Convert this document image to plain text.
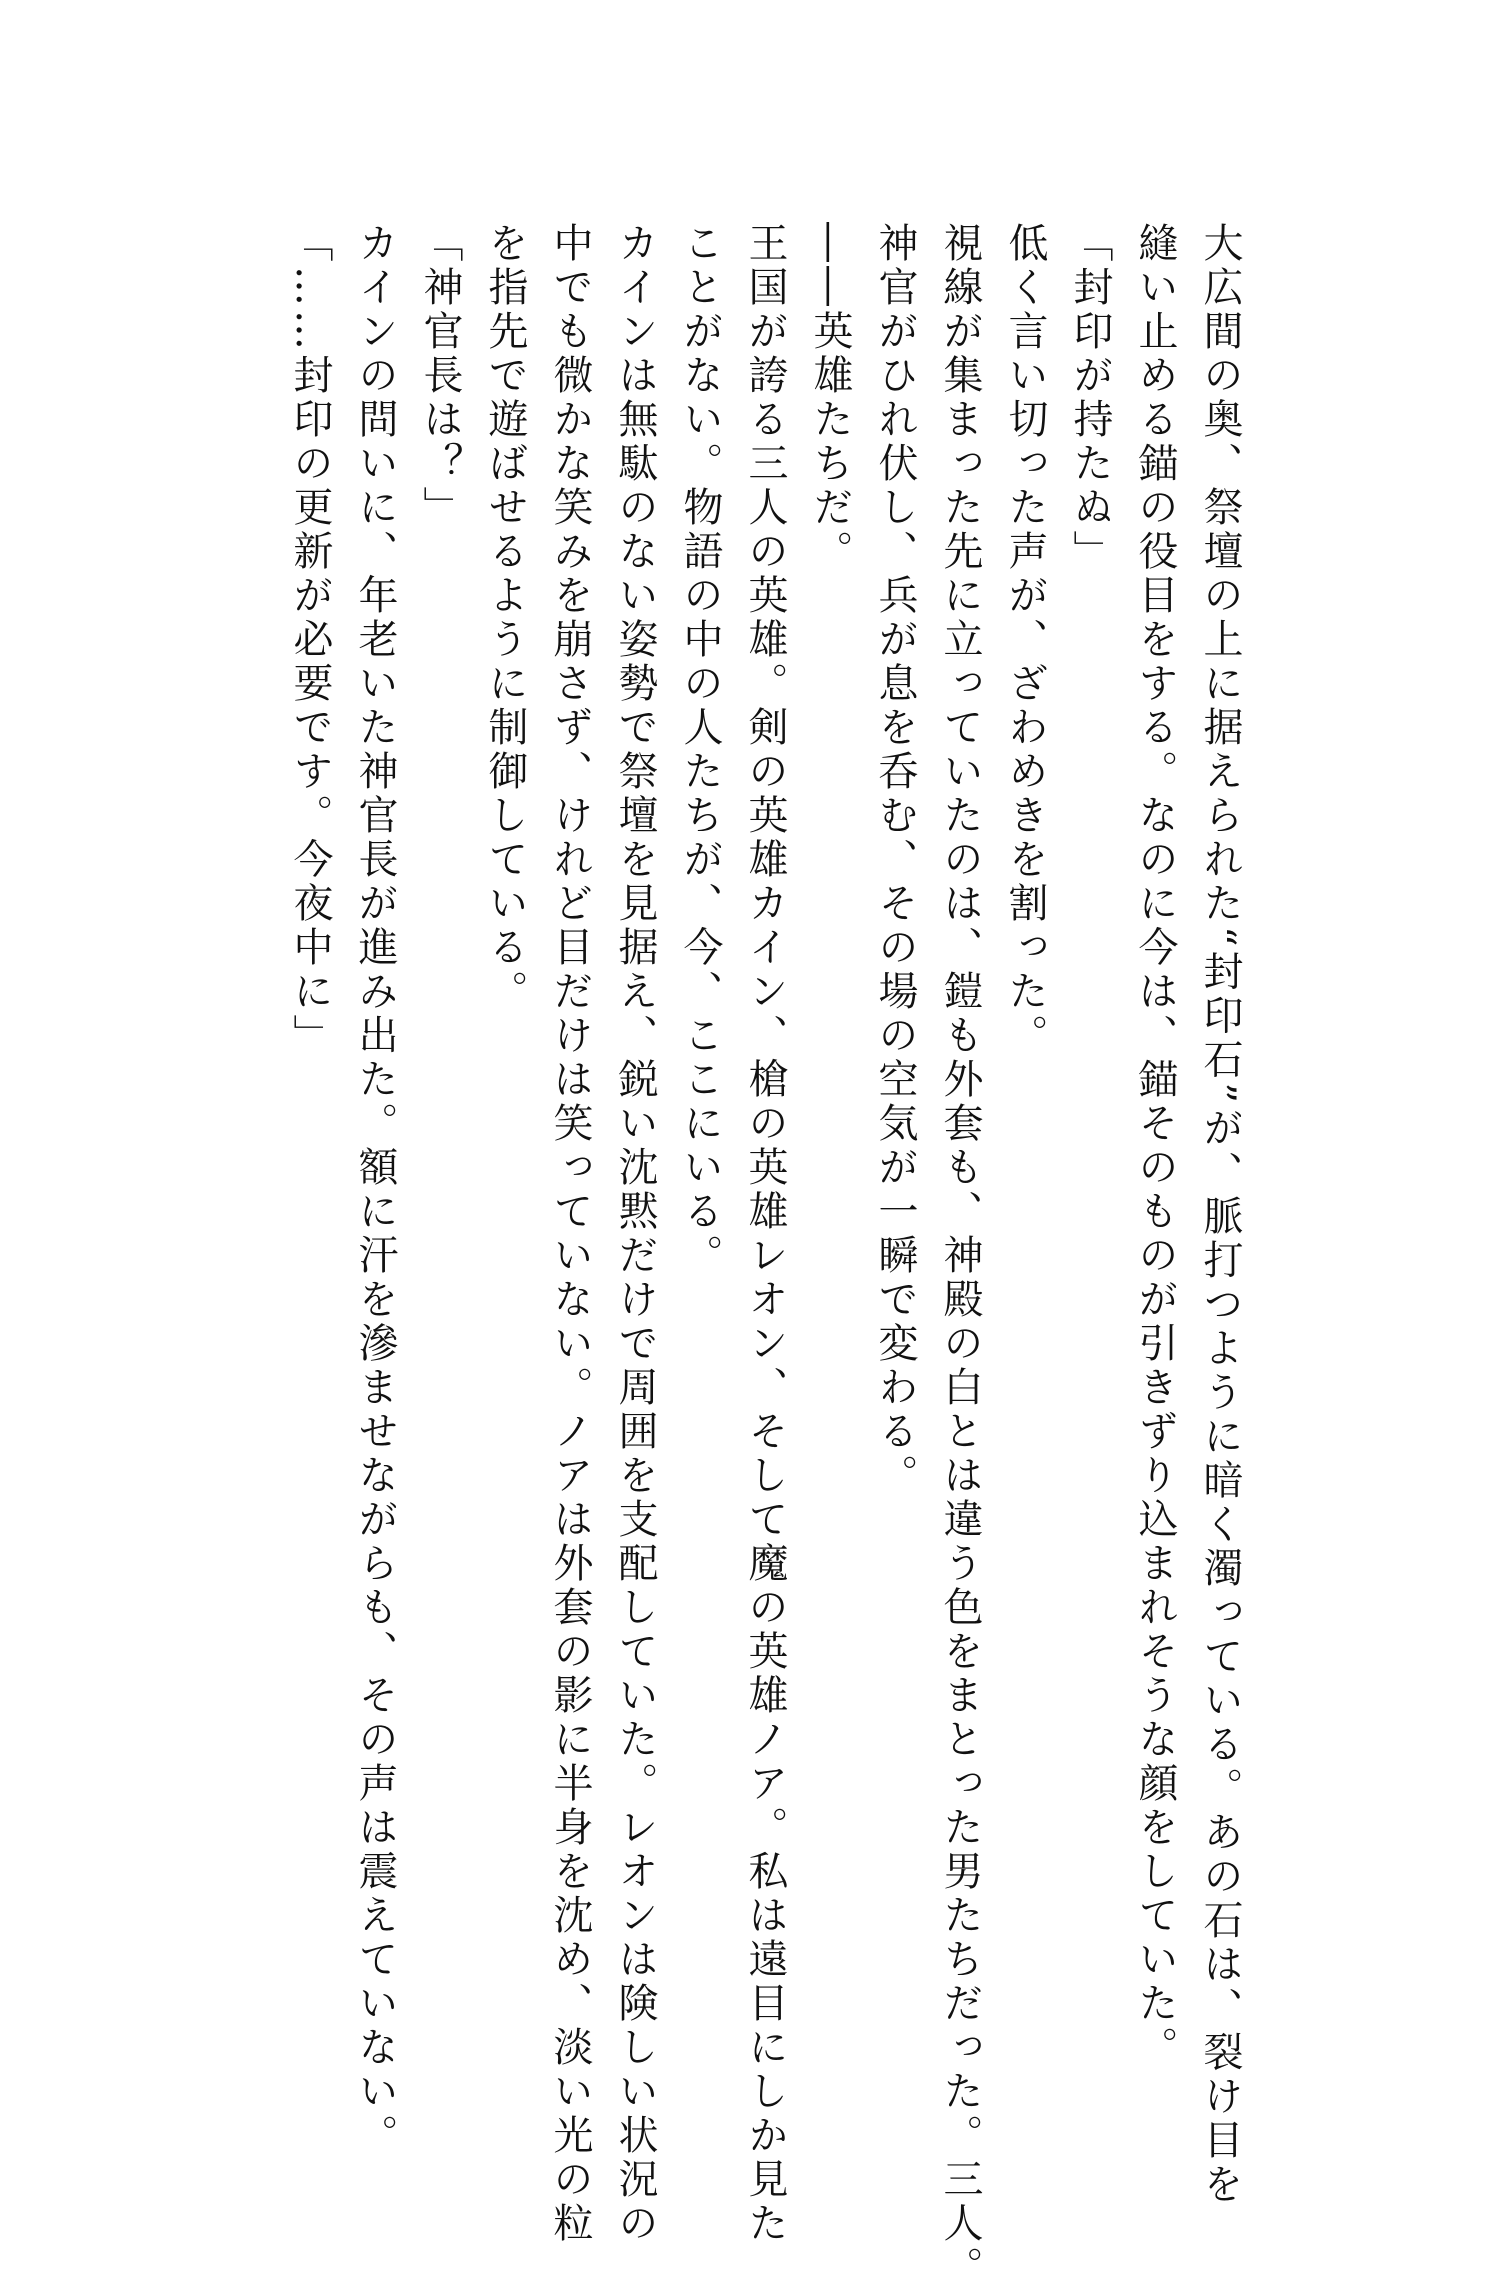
大広間の奥、祭壇の上に据えられた“封印石”が、脈打つように暗く濁っている。あの石は、裂け目を
縫い止める錨の役目をする。なのに今は、錨そのものが引きずり込まれそうな顔をしていた。
「封印が持たぬ」
低く言い切った声が、ざわめきを割った。
視線が集まった先に立っていたのは、鎧も外套も、神殿の白とは違う色をまとった男たちだった。三人。
神官がひれ伏し、兵が息を呑む、その場の空気が一瞬で変わる。
――英雄たちだ。
王国が誇る三人の英雄。剣の英雄カイン、槍の英雄レオン、そして魔の英雄ノア。私は遠目にしか見た
ことがない。物語の中の人たちが、今、ここにいる。
カインは無駄のない姿勢で祭壇を見据え、鋭い沈黙だけで周囲を支配していた。レオンは険しい状況の
中でも微かな笑みを崩さず、けれど目だけは笑っていない。ノアは外套の影に半身を沈め、淡い光の粒
を指先で遊ばせるように制御している。
「神官長は？」
カインの問いに、年老いた神官長が進み出た。額に汗を滲ませながらも、その声は震えていない。
「……封印の更新が必要です。今夜中に」
